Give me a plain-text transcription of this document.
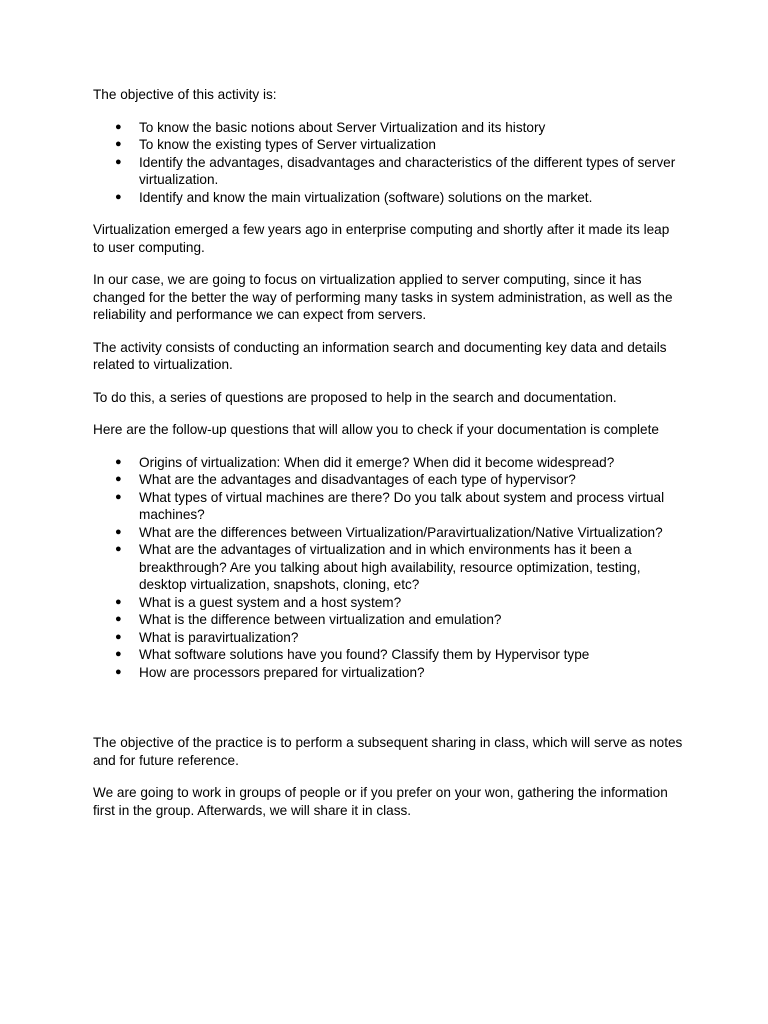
The objective of this activity is:

● To know the basic notions about Server Virtualization and its history
● To know the existing types of Server virtualization
● Identify the advantages, disadvantages and characteristics of the different types of server virtualization.
● Identify and know the main virtualization (software) solutions on the market.

Virtualization emerged a few years ago in enterprise computing and shortly after it made its leap to user computing.

In our case, we are going to focus on virtualization applied to server computing, since it has changed for the better the way of performing many tasks in system administration, as well as the reliability and performance we can expect from servers.

The activity consists of conducting an information search and documenting key data and details related to virtualization.

To do this, a series of questions are proposed to help in the search and documentation.

Here are the follow-up questions that will allow you to check if your documentation is complete

● Origins of virtualization: When did it emerge? When did it become widespread?
● What are the advantages and disadvantages of each type of hypervisor?
● What types of virtual machines are there? Do you talk about system and process virtual machines?
● What are the differences between Virtualization/Paravirtualization/Native Virtualization?
● What are the advantages of virtualization and in which environments has it been a breakthrough? Are you talking about high availability, resource optimization, testing, desktop virtualization, snapshots, cloning, etc?
● What is a guest system and a host system?
● What is the difference between virtualization and emulation?
● What is paravirtualization?
● What software solutions have you found? Classify them by Hypervisor type
● How are processors prepared for virtualization?

The objective of the practice is to perform a subsequent sharing in class, which will serve as notes and for future reference.

We are going to work in groups of people or if you prefer on your won, gathering the information first in the group. Afterwards, we will share it in class.
